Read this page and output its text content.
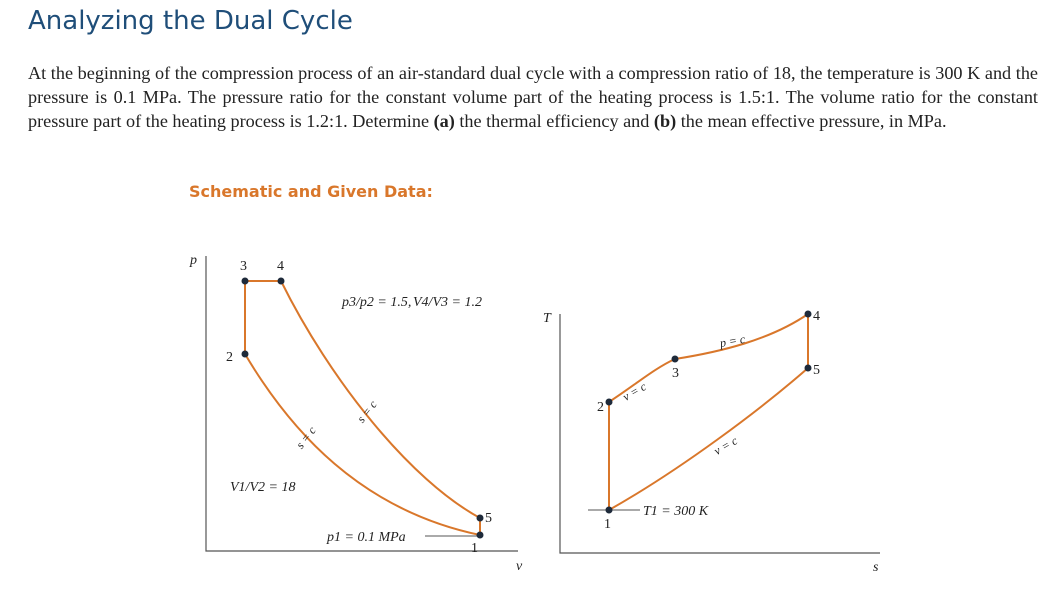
Analyzing the Dual Cycle

At the beginning of the compression process of an air-standard dual cycle with a compression ratio of 18, the temperature is 300 K and the pressure is 0.1 MPa. The pressure ratio for the constant volume part of the heating process is 1.5:1. The volume ratio for the constant pressure part of the heating process is 1.2:1. Determine (a) the thermal efficiency and (b) the mean effective pressure, in MPa.

Schematic and Given Data:
p
v
1
2
3 4
5
p3/p2 = 1.5, V4/V3 = 1.2
V1/V2 = 18
s = c
s = c
p1 = 0.1 MPa
T
s
1
2
3
4
5
v = c
p = c
v = c
T1 = 300 K
